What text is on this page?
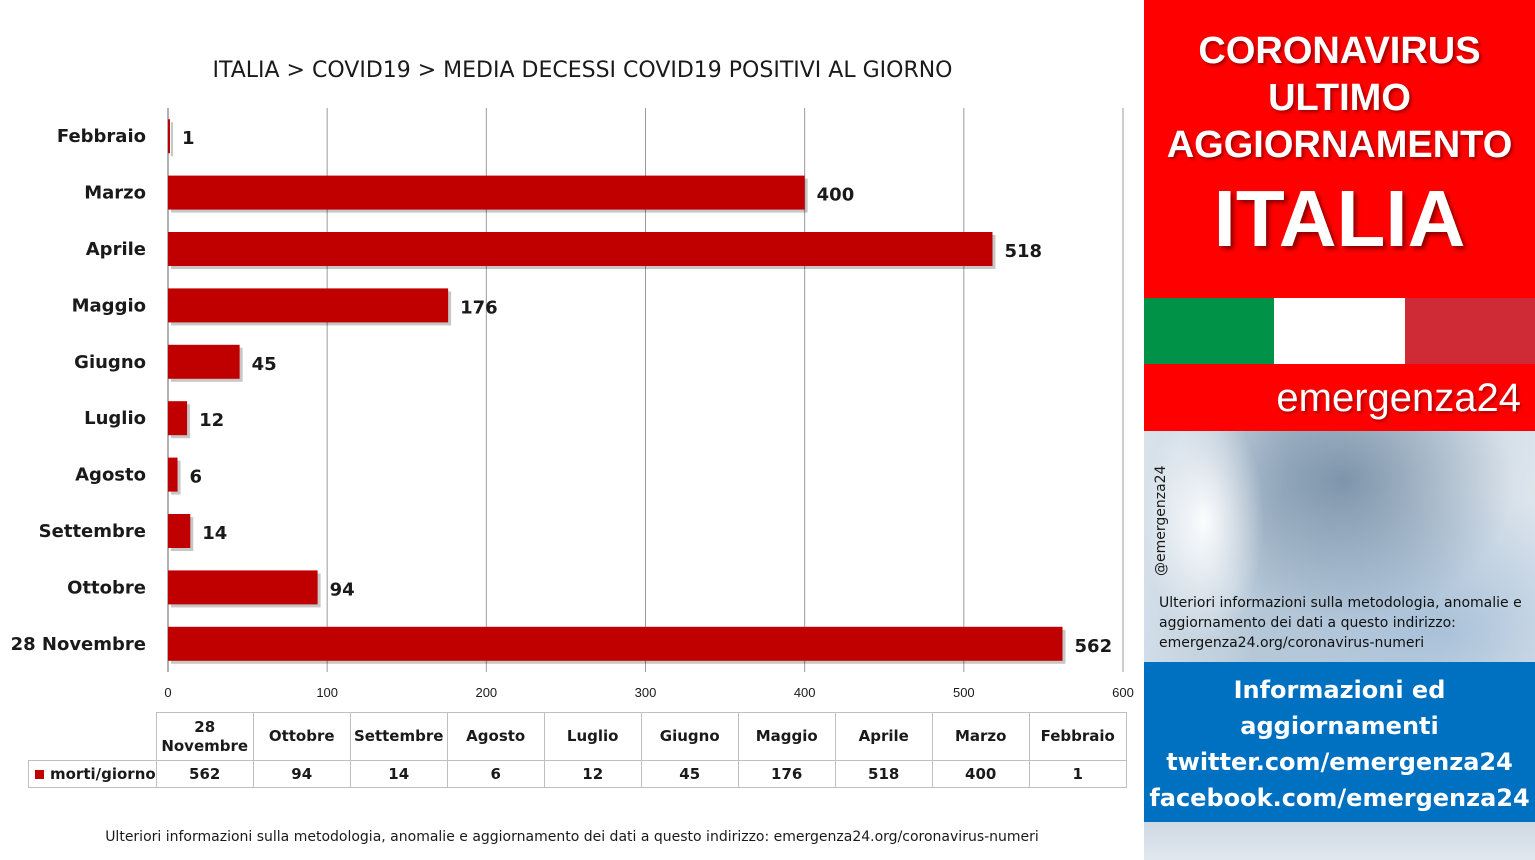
0	100	200	300	400	500	600
Febbraio 1
Marzo	400
Aprile	518
Maggio	176
Giugno	45
Luglio	12
Agosto 6
Settembre	14
Ottobre	94
28 Novembre	562
ITALIA > COVID19 > MEDIA DECESSI COVID19 POSITIVI AL GIORNO

	28
Novembre	Ottobre	Settembre	Agosto	Luglio	Giugno	Maggio	Aprile	Marzo	Febbraio
morti/giorno	562	94	14	6	12	45	176	518	400	1
Ulteriori informazioni sulla metodologia, anomalie e aggiornamento dei dati a questo indirizzo: emergenza24.org/coronavirus-numeri
CORONAVIRUS
ULTIMO
AGGIORNAMENTO
ITALIA
emergenza24
@emergenza24
Ulteriori informazioni sulla metodologia, anomalie e aggiornamento dei dati a questo indirizzo: emergenza24.org/coronavirus-numeri
Informazioni ed
aggiornamenti
twitter.com/emergenza24
facebook.com/emergenza24
